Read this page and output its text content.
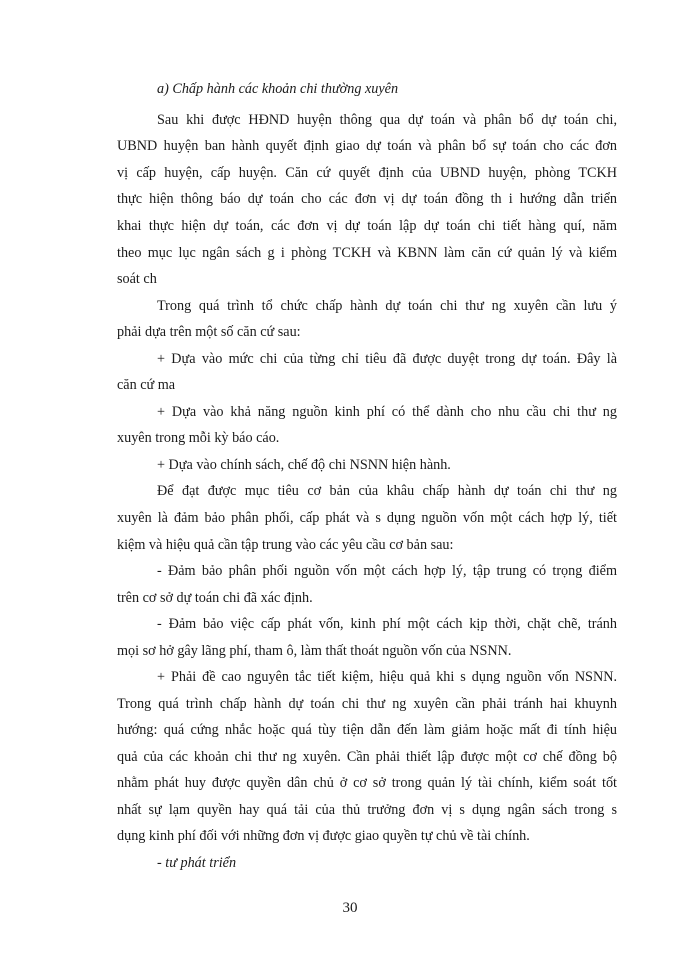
a) Chấp hành các khoản chi thường xuyên
Sau khi được HĐND huyện thông qua dự toán và phân bổ dự toán chi,
UBND huyện ban hành quyết định giao dự toán và phân bổ sự toán cho các đơn
vị cấp huyện, cấp huyện. Căn cứ quyết định của UBND huyện, phòng TCKH
thực hiện thông báo dự toán cho các đơn vị dự toán đồng th i hướng dẫn triển
khai thực hiện dự toán, các đơn vị dự toán lập dự toán chi tiết hàng quí, năm
theo mục lục ngân sách g i phòng TCKH và KBNN làm căn cứ quản lý và kiểm
soát ch
Trong quá trình tổ chức chấp hành dự toán chi thư ng xuyên cần lưu ý
phải dựa trên một số căn cứ sau:
+ Dựa vào mức chi của từng chỉ tiêu đã được duyệt trong dự toán. Đây là
căn cứ ma
+ Dựa vào khả năng nguồn kinh phí có thể dành cho nhu cầu chi thư ng
xuyên trong mỗi kỳ báo cáo.
+ Dựa vào chính sách, chế độ chi NSNN hiện hành.
Để đạt được mục tiêu cơ bản của khâu chấp hành dự toán chi thư ng
xuyên là đảm bảo phân phối, cấp phát và s dụng nguồn vốn một cách hợp lý, tiết
kiệm và hiệu quả cần tập trung vào các yêu cầu cơ bản sau:
- Đảm bảo phân phối nguồn vốn một cách hợp lý, tập trung có trọng điểm
trên cơ sở dự toán chi đã xác định.
- Đảm bảo việc cấp phát vốn, kinh phí một cách kịp thời, chặt chẽ, tránh
mọi sơ hở gây lãng phí, tham ô, làm thất thoát nguồn vốn của NSNN.
+ Phải đề cao nguyên tắc tiết kiệm, hiệu quả khi s dụng nguồn vốn NSNN.
Trong quá trình chấp hành dự toán chi thư ng xuyên cần phải tránh hai khuynh
hướng: quá cứng nhắc hoặc quá tùy tiện dẫn đến làm giảm hoặc mất đi tính hiệu
quả của các khoản chi thư ng xuyên. Cần phải thiết lập được một cơ chế đồng bộ
nhằm phát huy được quyền dân chủ ở cơ sở trong quản lý tài chính, kiểm soát tốt
nhất sự lạm quyền hay quá tải của thủ trưởng đơn vị s dụng ngân sách trong s
dụng kinh phí đối với những đơn vị được giao quyền tự chủ về tài chính.
- tư phát triển
30
